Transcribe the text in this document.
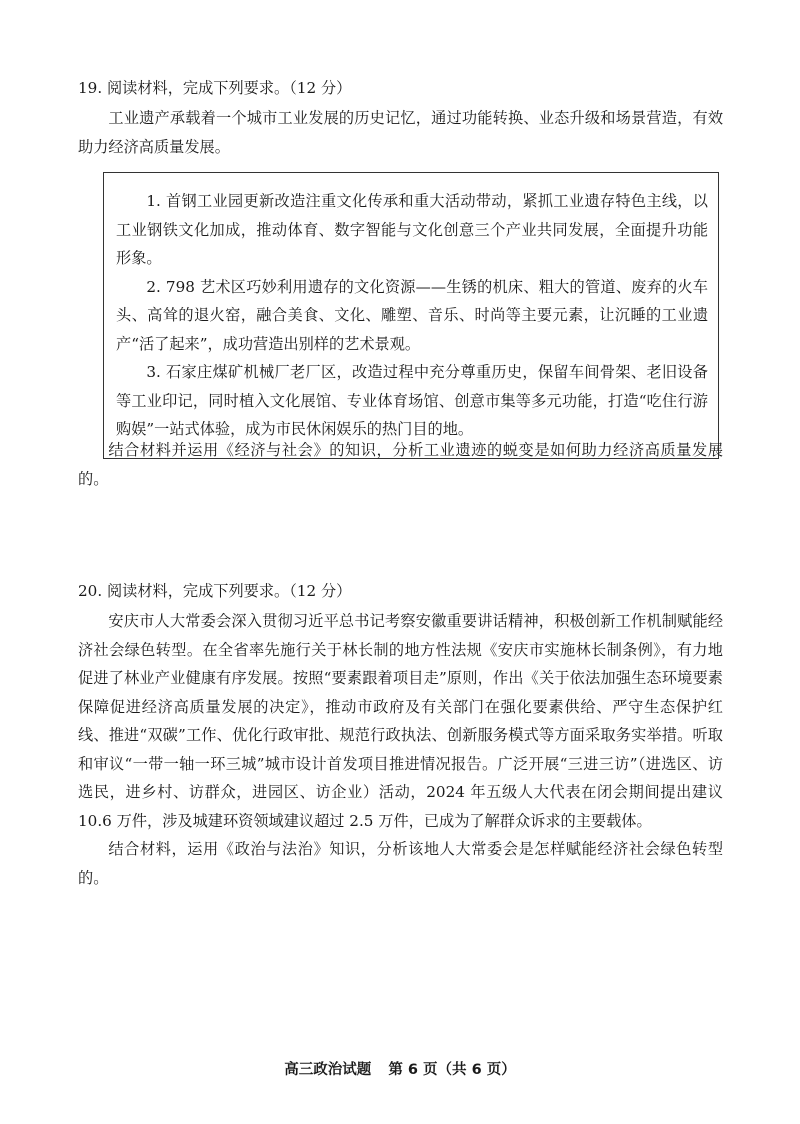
19. 阅读材料，完成下列要求。（12 分）
工业遗产承载着一个城市工业发展的历史记忆，通过功能转换、业态升级和场景营造，有效助力经济高质量发展。

1. 首钢工业园更新改造注重文化传承和重大活动带动，紧抓工业遗存特色主线，以工业钢铁文化加成，推动体育、数字智能与文化创意三个产业共同发展，全面提升功能形象。

2. 798 艺术区巧妙利用遗存的文化资源——生锈的机床、粗大的管道、废弃的火车头、高耸的退火窑，融合美食、文化、雕塑、音乐、时尚等主要元素，让沉睡的工业遗产“活了起来”，成功营造出别样的艺术景观。

3. 石家庄煤矿机械厂老厂区，改造过程中充分尊重历史，保留车间骨架、老旧设备等工业印记，同时植入文化展馆、专业体育场馆、创意市集等多元功能，打造“吃住行游购娱”一站式体验，成为市民休闲娱乐的热门目的地。

结合材料并运用《经济与社会》的知识，分析工业遗迹的蜕变是如何助力经济高质量发展的。
20. 阅读材料，完成下列要求。（12 分）
安庆市人大常委会深入贯彻习近平总书记考察安徽重要讲话精神，积极创新工作机制赋能经济社会绿色转型。在全省率先施行关于林长制的地方性法规《安庆市实施林长制条例》，有力地促进了林业产业健康有序发展。按照“要素跟着项目走”原则，作出《关于依法加强生态环境要素保障促进经济高质量发展的决定》，推动市政府及有关部门在强化要素供给、严守生态保护红线、推进“双碳”工作、优化行政审批、规范行政执法、创新服务模式等方面采取务实举措。听取和审议“一带一轴一环三城”城市设计首发项目推进情况报告。广泛开展“三进三访”（进选区、访选民，进乡村、访群众，进园区、访企业）活动，2024 年五级人大代表在闭会期间提出建议 10.6 万件，涉及城建环资领域建议超过 2.5 万件，已成为了解群众诉求的主要载体。
结合材料，运用《政治与法治》知识，分析该地人大常委会是怎样赋能经济社会绿色转型的。
高三政治试题 第 6 页（共 6 页）
